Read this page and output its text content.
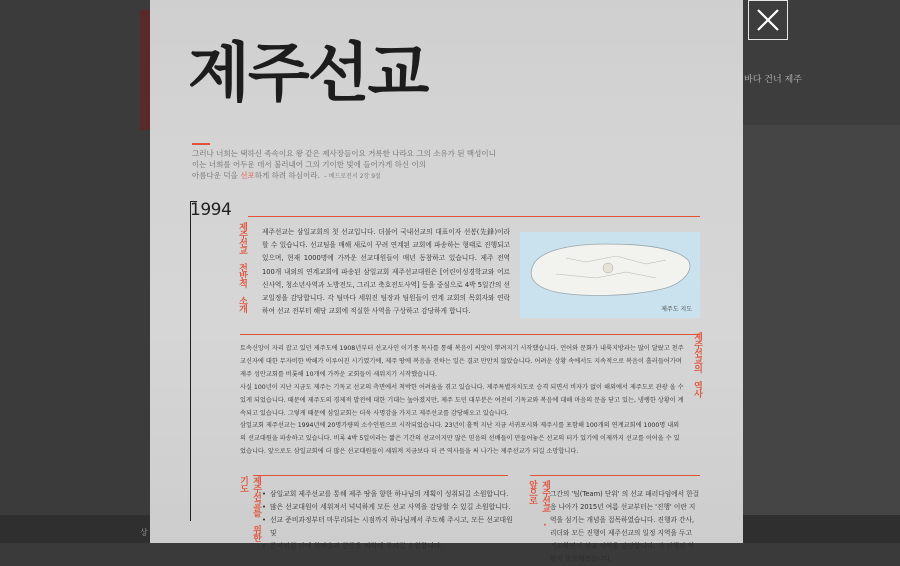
바다 건너 제주
상
제주선교
그러나 너희는 택하신 족속이요 왕 같은 제사장들이요 거룩한 나라요 그의 소유가 된 백성이니
이는 너희를 어두운 데서 불러내어 그의 기이한 빛에 들어가게 하신 이의
아름다운 덕을 선포하게 하려 하심이라. – 베드로전서 2장 9절
1994
제주선교 전반적 소개 제주선교는 삼일교회의 첫 선교입니다. 더불어 국내선교의 대표이자 선봉(先鋒)이라 할 수 있습니다. 선교팀을 매해 새로이 꾸려 연계된 교회에 파송하는 형태로 진행되고 있으며, 현재 1000명에 가까운 선교대원들이 매년 동참하고 있습니다. 제주 전역 100개 내외의 연계교회에 파송된 삼일교회 제주선교대원은 [어린이성경학교와 어르신사역, 청소년사역과 노방전도, 그리고 축호전도사역] 등을 중심으로 4박 5일간의 선교일정을 감당합니다. 각 팀마다 세워진 팀장과 팀원들이 연계 교회의 목회자와 연락하여 선교 전부터 해당 교회에 적실한 사역을 구상하고 감당하게 합니다.	제주도 지도
제주선교의 역사

토속신앙이 자리 잡고 있던 제주도에 1908년부터 선교사인 이기풍 목사를 통해 복음이 씨앗이 뿌려지기 시작했습니다. 언어와 문화가 내륙지방과는 많이 달랐고 천주교신자에 대한 무자비한 박해가 이루어진 시기였기에, 제주 땅에 복음을 전하는 일은 결코 만만치 않았습니다. 어려운 상황 속에서도 지속적으로 복음이 흘러들어가며 제주 성안교회를 비롯해 10개에 가까운 교회들이 세워지기 시작했습니다.

사실 100년이 지난 지금도 제주는 기독교 선교의 측면에서 척박한 어려움을 겪고 있습니다. 제주특별자치도로 승격 되면서 비자가 없이 해외에서 제주도로 관광 올 수 있게 되었습니다. 때문에 제주도의 경제적 발전에 대한 기대는 높아졌지만, 제주 도민 대부분은 여전히 기독교와 복음에 대해 마음의 문을 닫고 있는, 냉랭한 상황이 계속되고 있습니다. 그렇게 때문에 삼일교회는 더욱 사명감을 가지고 제주선교를 감당해오고 있습니다.

삼일교회 제주선교는 1994년에 20명가량의 소수인원으로 시작되었습니다. 23년이 흘쩍 지난 지금 서귀포시와 제주시를 포함해 100개의 연계교회에 1000명 내외의 선교대원을 파송하고 있습니다. 비록 4박 5일이라는 짧은 기간의 선교이지만 많은 믿음의 선배들이 만들어놓은 선교의 터가 있기에 이제까지 선교를 이어올 수 있었습니다. 앞으로도 삼일교회에 더 많은 선교대원들이 세워져 지금보다 더 큰 역사들을 써 나가는 제주선교가 되길 소망합니다.

제주선교를 위한 기도
• 삼일교회 제주선교를 통해 제주 땅을 향한 하나님의 계획이 성취되길 소원합니다.
• 많은 선교대원이 세워져서 넉넉하게 모든 선교 사역을 감당할 수 있길 소원합니다.
• 선교 준비과정부터 마무리되는 시점까지 하나님께서 주도해 주시고, 모든 선교대원 및
• 준비팀원 안에 한마음과 한뜻을 허락해 주시길 소원합니다.
제주선교 · 앞으로	그간의 '팀(Team) 단위' 의 선교 패러다임에서 한걸음 나아가 2015년 여름 선교부터는 '진행' 이란 지역을 섬기는 개념을 접목하였습니다. 진행과 간사, 리더와 모든 진행이 제주선교의 일정 지역을 두고 기도하면서 선교 사역을 감당합니다. 각 진행의 역할이 중요해졌습니다.
